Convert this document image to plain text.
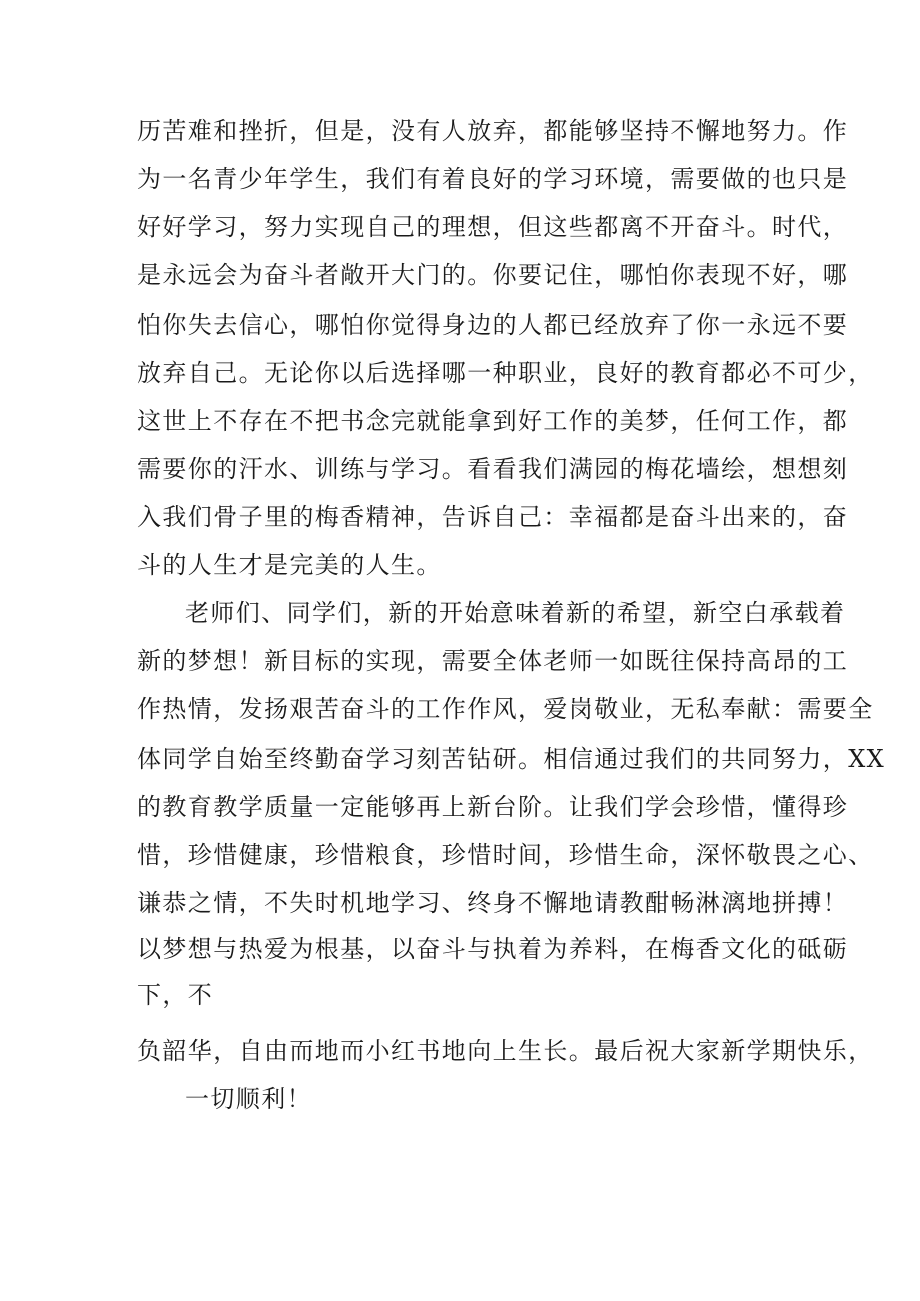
历苦难和挫折，但是，没有人放弃，都能够坚持不懈地努力。作
为一名青少年学生，我们有着良好的学习环境，需要做的也只是
好好学习，努力实现自己的理想，但这些都离不开奋斗。时代，
是永远会为奋斗者敞开大门的。你要记住，哪怕你表现不好，哪
怕你失去信心，哪怕你觉得身边的人都已经放弃了你一永远不要
放弃自己。无论你以后选择哪一种职业，良好的教育都必不可少，
这世上不存在不把书念完就能拿到好工作的美梦，任何工作，都
需要你的汗水、训练与学习。看看我们满园的梅花墙绘，想想刻
入我们骨子里的梅香精神，告诉自己：幸福都是奋斗出来的，奋
斗的人生才是完美的人生。
老师们、同学们，新的开始意味着新的希望，新空白承载着
新的梦想！新目标的实现，需要全体老师一如既往保持高昂的工
作热情，发扬艰苦奋斗的工作作风，爱岗敬业，无私奉献：需要全
体同学自始至终勤奋学习刻苦钻研。相信通过我们的共同努力，XX
的教育教学质量一定能够再上新台阶。让我们学会珍惜，懂得珍
惜，珍惜健康，珍惜粮食，珍惜时间，珍惜生命，深怀敬畏之心、
谦恭之情，不失时机地学习、终身不懈地请教酣畅淋漓地拼搏！
以梦想与热爱为根基，以奋斗与执着为养料，在梅香文化的砥砺
下，不
负韶华，自由而地而小红书地向上生长。最后祝大家新学期快乐，
一切顺利！
